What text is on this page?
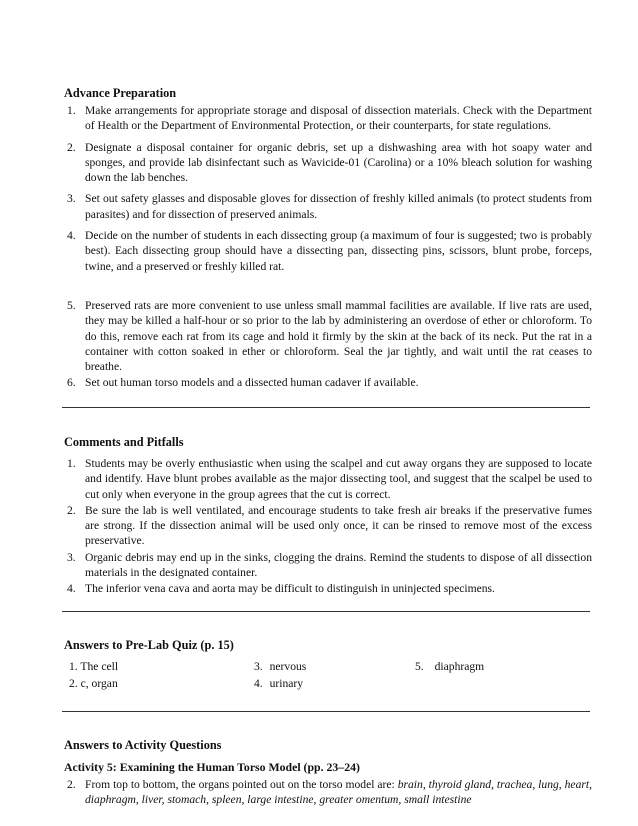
Advance Preparation
1. Make arrangements for appropriate storage and disposal of dissection materials. Check with the Department of Health or the Department of Environmental Protection, or their counterparts, for state regulations.
2. Designate a disposal container for organic debris, set up a dishwashing area with hot soapy water and sponges, and provide lab disinfectant such as Wavicide-01 (Carolina) or a 10% bleach solution for washing down the lab benches.
3. Set out safety glasses and disposable gloves for dissection of freshly killed animals (to protect students from parasites) and for dissection of preserved animals.
4. Decide on the number of students in each dissecting group (a maximum of four is suggested; two is probably best). Each dissecting group should have a dissecting pan, dissecting pins, scissors, blunt probe, forceps, twine, and a preserved or freshly killed rat.
5. Preserved rats are more convenient to use unless small mammal facilities are available. If live rats are used, they may be killed a half-hour or so prior to the lab by administering an overdose of ether or chloroform. To do this, remove each rat from its cage and hold it firmly by the skin at the back of its neck. Put the rat in a container with cotton soaked in ether or chloroform. Seal the jar tightly, and wait until the rat ceases to breathe.
6. Set out human torso models and a dissected human cadaver if available.
Comments and Pitfalls
1. Students may be overly enthusiastic when using the scalpel and cut away organs they are supposed to locate and identify. Have blunt probes available as the major dissecting tool, and suggest that the scalpel be used to cut only when everyone in the group agrees that the cut is correct.
2. Be sure the lab is well ventilated, and encourage students to take fresh air breaks if the preservative fumes are strong. If the dissection animal will be used only once, it can be rinsed to remove most of the excess preservative.
3. Organic debris may end up in the sinks, clogging the drains. Remind the students to dispose of all dissection materials in the designated container.
4. The inferior vena cava and aorta may be difficult to distinguish in uninjected specimens.
Answers to Pre-Lab Quiz (p. 15)
1. The cell
2. c, organ
3. nervous
4. urinary
5. diaphragm
Answers to Activity Questions
Activity 5: Examining the Human Torso Model (pp. 23–24)
2. From top to bottom, the organs pointed out on the torso model are: brain, thyroid gland, trachea, lung, heart, diaphragm, liver, stomach, spleen, large intestine, greater omentum, small intestine
